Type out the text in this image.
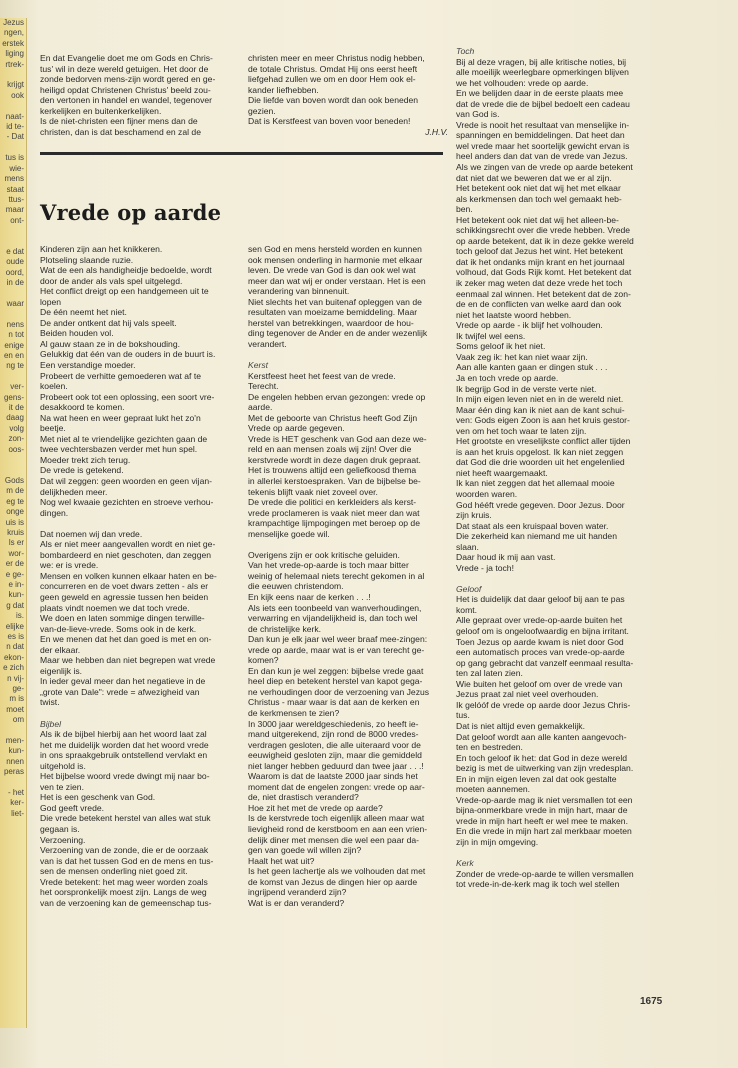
Jezus
ngen,
erstek
liging
rtrek-

krijgt
ook

naat-
id te-
- Dat

tus is
wie-
mens
staat
ttus-
maar
ont-

e dat
oude
oord,
in de

waar

nens
n tot
enige
en en
ng te

ver-
gens-
it de
daag
volg
zon-
oos-

Gods
m de
eg te
onge
uis is
kruis
ls er
wor-
er de
e ge-
e in-
kun-
g dat
is.
elijke
es is
n dat
ekon-
e zich
n vij-
ge-
m is
moet
om

men-
kun-
nnen
peras

- het
ker-
liet-

En dat Evangelie doet me om Gods en Chris-

tus' wil in deze wereld getuigen. Het door de

zonde bedorven mens-zijn wordt gered en ge-

heiligd opdat Christenen Christus' beeld zou-

den vertonen in handel en wandel, tegenover

kerkelijken en buitenkerkelijken.

Is de niet-christen een fijner mens dan de

christen, dan is dat beschamend en zal de

christen meer en meer Christus nodig hebben,

de totale Christus. Omdat Hij ons eerst heeft

liefgehad zullen we om en door Hem ook el-

kander liefhebben.

Die liefde van boven wordt dan ook beneden

gezien.

Dat is Kerstfeest van boven voor beneden!

J.H.V.
Vrede op aarde

Kinderen zijn aan het knikkeren.

Plotseling slaande ruzie.

Wat de een als handigheidje bedoelde, wordt

door de ander als vals spel uitgelegd.

Het conflict dreigt op een handgemeen uit te

lopen

De één neemt het niet.

De ander ontkent dat hij vals speelt.

Beiden houden vol.

Al gauw staan ze in de bokshouding.

Gelukkig dat één van de ouders in de buurt is.

Een verstandige moeder.

Probeert de verhitte gemoederen wat af te

koelen.

Probeert ook tot een oplossing, een soort vre-

desakkoord te komen.

Na wat heen en weer gepraat lukt het zo'n

beetje.

Met niet al te vriendelijke gezichten gaan de

twee vechtersbazen verder met hun spel.

Moeder trekt zich terug.

De vrede is getekend.

Dat wil zeggen: geen woorden en geen vijan-

delijkheden meer.

Nog wel kwaaie gezichten en stroeve verhou-

dingen.

Dat noemen wij dan vrede.

Als er niet meer aangevallen wordt en niet ge-

bombardeerd en niet geschoten, dan zeggen

we: er is vrede.

Mensen en volken kunnen elkaar haten en be-

concurreren en de voet dwars zetten - als er

geen geweld en agressie tussen hen beiden

plaats vindt noemen we dat toch vrede.

We doen en laten sommige dingen terwille-

van-de-lieve-vrede. Soms ook in de kerk.

En we menen dat het dan goed is met en on-

der elkaar.

Maar we hebben dan niet begrepen wat vrede

eigenlijk is.

In ieder geval meer dan het negatieve in de

„grote van Dale": vrede = afwezigheid van

twist.

Bijbel

Als ik de bijbel hierbij aan het woord laat zal

het me duidelijk worden dat het woord vrede

in ons spraakgebruik ontstellend vervlakt en

uitgehold is.

Het bijbelse woord vrede dwingt mij naar bo-

ven te zien.

Het is een geschenk van God.

God geeft vrede.

Die vrede betekent herstel van alles wat stuk

gegaan is.

Verzoening.

Verzoening van de zonde, die er de oorzaak

van is dat het tussen God en de mens en tus-

sen de mensen onderling niet goed zit.

Vrede betekent: het mag weer worden zoals

het oorspronkelijk moest zijn. Langs de weg

van de verzoening kan de gemeenschap tus-

sen God en mens hersteld worden en kunnen

ook mensen onderling in harmonie met elkaar

leven. De vrede van God is dan ook wel wat

meer dan wat wij er onder verstaan. Het is een

verandering van binnenuit.

Niet slechts het van buitenaf opleggen van de

resultaten van moeizame bemiddeling. Maar

herstel van betrekkingen, waardoor de hou-

ding tegenover de Ander en de ander wezenlijk

verandert.

Kerst

Kerstfeest heet het feest van de vrede.

Terecht.

De engelen hebben ervan gezongen: vrede op

aarde.

Met de geboorte van Christus heeft God Zijn

Vrede op aarde gegeven.

Vrede is HET geschenk van God aan deze we-

reld en aan mensen zoals wij zijn! Over die

kerstvrede wordt in deze dagen druk gepraat.

Het is trouwens altijd een geliefkoosd thema

in allerlei kerstoespraken. Van de bijbelse be-

tekenis blijft vaak niet zoveel over.

De vrede die politici en kerkleiders als kerst-

vrede proclameren is vaak niet meer dan wat

krampachtige lijmpogingen met beroep op de

menselijke goede wil.

Overigens zijn er ook kritische geluiden.

Van het vrede-op-aarde is toch maar bitter

weinig of helemaal niets terecht gekomen in al

die eeuwen christendom.

En kijk eens naar de kerken . . .!

Als iets een toonbeeld van wanverhoudingen,

verwarring en vijandelijkheid is, dan toch wel

de christelijke kerk.

Dan kun je elk jaar wel weer braaf mee-zingen:

vrede op aarde, maar wat is er van terecht ge-

komen?

En dan kun je wel zeggen: bijbelse vrede gaat

heel diep en betekent herstel van kapot gega-

ne verhoudingen door de verzoening van Jezus

Christus - maar waar is dat aan de kerken en

de kerkmensen te zien?

In 3000 jaar wereldgeschiedenis, zo heeft ie-

mand uitgerekend, zijn rond de 8000 vredes-

verdragen gesloten, die alle uiteraard voor de

eeuwigheid gesloten zijn, maar die gemiddeld

niet langer hebben geduurd dan twee jaar . . .!

Waarom is dat de laatste 2000 jaar sinds het

moment dat de engelen zongen: vrede op aar-

de, niet drastisch veranderd?

Hoe zit het met de vrede op aarde?

Is de kerstvrede toch eigenlijk alleen maar wat

lievigheid rond de kerstboom en aan een vrien-

delijk diner met mensen die wel een paar da-

gen van goede wil willen zijn?

Haalt het wat uit?

Is het geen lachertje als we volhouden dat met

de komst van Jezus de dingen hier op aarde

ingrijpend veranderd zijn?

Wat is er dan veranderd?

Toch

Bij al deze vragen, bij alle kritische noties, bij

alle moeilijk weerlegbare opmerkingen blijven

we het volhouden: vrede op aarde.

En we belijden daar in de eerste plaats mee

dat de vrede die de bijbel bedoelt een cadeau

van God is.

Vrede is nooit het resultaat van menselijke in-

spanningen en bemiddelingen. Dat heet dan

wel vrede maar het soortelijk gewicht ervan is

heel anders dan dat van de vrede van Jezus.

Als we zingen van de vrede op aarde betekent

dat niet dat we beweren dat we er al zijn.

Het betekent ook niet dat wij het met elkaar

als kerkmensen dan toch wel gemaakt heb-

ben.

Het betekent ook niet dat wij het alleen-be-

schikkingsrecht over die vrede hebben. Vrede

op aarde betekent, dat ik in deze gekke wereld

toch geloof dat Jezus het wint. Het betekent

dat ik het ondanks mijn krant en het journaal

volhoud, dat Gods Rijk komt. Het betekent dat

ik zeker mag weten dat deze vrede het toch

eenmaal zal winnen. Het betekent dat de zon-

de en de conflicten van welke aard dan ook

niet het laatste woord hebben.

Vrede op aarde - ik blijf het volhouden.

Ik twijfel wel eens.

Soms geloof ik het niet.

Vaak zeg ik: het kan niet waar zijn.

Aan alle kanten gaan er dingen stuk . . .

Ja en toch vrede op aarde.

Ik begrijp God in de verste verte niet.

In mijn eigen leven niet en in de wereld niet.

Maar één ding kan ik niet aan de kant schui-

ven: Gods eigen Zoon is aan het kruis gestor-

ven om het toch waar te laten zijn.

Het grootste en vreselijkste conflict aller tijden

is aan het kruis opgelost. Ik kan niet zeggen

dat God die drie woorden uit het engelenlied

niet heeft waargemaakt.

Ik kan niet zeggen dat het allemaal mooie

woorden waren.

God hééft vrede gegeven. Door Jezus. Door

zijn kruis.

Dat staat als een kruispaal boven water.

Die zekerheid kan niemand me uit handen

slaan.

Daar houd ik mij aan vast.

Vrede - ja toch!

Geloof

Het is duidelijk dat daar geloof bij aan te pas

komt.

Alle gepraat over vrede-op-aarde buiten het

geloof om is ongeloofwaardig en bijna irritant.

Toen Jezus op aarde kwam is niet door God

een automatisch proces van vrede-op-aarde

op gang gebracht dat vanzelf eenmaal resulta-

ten zal laten zien.

Wie buiten het geloof om over de vrede van

Jezus praat zal niet veel overhouden.

Ik gelóóf de vrede op aarde door Jezus Chris-

tus.

Dat is niet altijd even gemakkelijk.

Dat geloof wordt aan alle kanten aangevoch-

ten en bestreden.

En toch geloof ik het: dat God in deze wereld

bezig is met de uitwerking van zijn vredesplan.

En in mijn eigen leven zal dat ook gestalte

moeten aannemen.

Vrede-op-aarde mag ik niet versmallen tot een

bijna-onmerkbare vrede in mijn hart, maar de

vrede in mijn hart heeft er wel mee te maken.

En die vrede in mijn hart zal merkbaar moeten

zijn in mijn omgeving.

Kerk

Zonder de vrede-op-aarde te willen versmallen

tot vrede-in-de-kerk mag ik toch wel stellen

1675
